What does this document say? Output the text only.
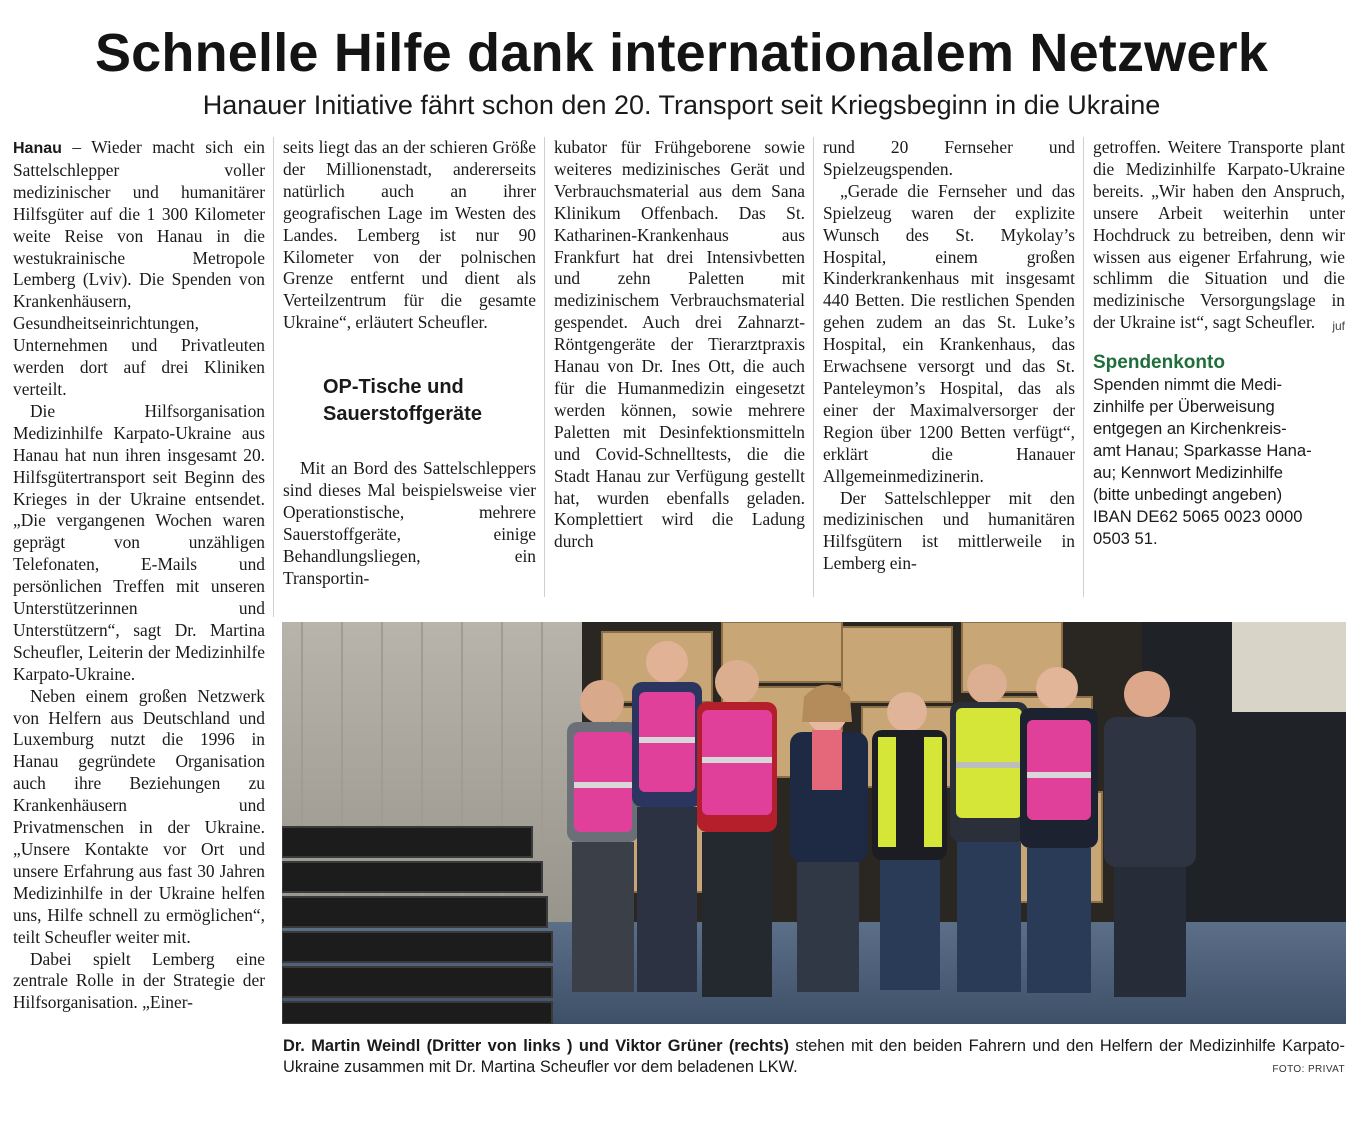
Schnelle Hilfe dank internationalem Netzwerk
Hanauer Initiative fährt schon den 20. Transport seit Kriegsbeginn in die Ukraine

Hanau – Wieder macht sich ein Sattelschlepper voller medizinischer und humanitärer Hilfsgüter auf die 1 300 Kilometer weite Reise von Hanau in die westukrainische Metropole Lemberg (Lviv). Die Spenden von Krankenhäusern, Gesundheitseinrichtungen, Unternehmen und Privatleuten werden dort auf drei Kliniken verteilt.

Die Hilfsorganisation Medizinhilfe Karpato-Ukraine aus Hanau hat nun ihren insgesamt 20. Hilfsgütertransport seit Beginn des Krieges in der Ukraine entsendet. „Die vergangenen Wochen waren geprägt von unzähligen Telefonaten, E-Mails und persönlichen Treffen mit unseren Unterstützerinnen und Unterstützern“, sagt Dr. Martina Scheufler, Leiterin der Medizinhilfe Karpato-Ukraine.

Neben einem großen Netzwerk von Helfern aus Deutschland und Luxemburg nutzt die 1996 in Hanau gegründete Organisation auch ihre Beziehungen zu Krankenhäusern und Privatmenschen in der Ukraine. „Unsere Kontakte vor Ort und unsere Erfahrung aus fast 30 Jahren Medizinhilfe in der Ukraine helfen uns, Hilfe schnell zu ermöglichen“, teilt Scheufler weiter mit.

Dabei spielt Lemberg eine zentrale Rolle in der Strategie der Hilfsorganisation. „Einer-

seits liegt das an der schieren Größe der Millionenstadt, andererseits natürlich auch an ihrer geografischen Lage im Westen des Landes. Lemberg ist nur 90 Kilometer von der polnischen Grenze entfernt und dient als Verteilzentrum für die gesamte Ukraine“, erläutert Scheufler.

OP-Tische und
Sauerstoffgeräte

Mit an Bord des Sattelschleppers sind dieses Mal beispielsweise vier Operationstische, mehrere Sauerstoffgeräte, einige Behandlungsliegen, ein Transportin-

kubator für Frühgeborene sowie weiteres medizinisches Gerät und Verbrauchsmaterial aus dem Sana Klinikum Offenbach. Das St. Katharinen-Krankenhaus aus Frankfurt hat drei Intensivbetten und zehn Paletten mit medizinischem Verbrauchsmaterial gespendet. Auch drei Zahnarzt-Röntgengeräte der Tierarztpraxis Hanau von Dr. Ines Ott, die auch für die Humanmedizin eingesetzt werden können, sowie mehrere Paletten mit Desinfektionsmitteln und Covid-Schnelltests, die die Stadt Hanau zur Verfügung gestellt hat, wurden ebenfalls geladen. Komplettiert wird die Ladung durch

rund 20 Fernseher und Spielzeugspenden.

„Gerade die Fernseher und das Spielzeug waren der explizite Wunsch des St. Mykolay’s Hospital, einem großen Kinderkrankenhaus mit insgesamt 440 Betten. Die restlichen Spenden gehen zudem an das St. Luke’s Hospital, ein Krankenhaus, das Erwachsene versorgt und das St. Panteleymon’s Hospital, das als einer der Maximalversorger der Region über 1200 Betten verfügt“, erklärt die Hanauer Allgemeinmedizinerin.

Der Sattelschlepper mit den medizinischen und humanitären Hilfsgütern ist mittlerweile in Lemberg ein-

getroffen. Weitere Transporte plant die Medizinhilfe Karpato-Ukraine bereits. „Wir haben den Anspruch, unsere Arbeit weiterhin unter Hochdruck zu betreiben, denn wir wissen aus eigener Erfahrung, wie schlimm die Situation und die medizinische Versorgungslage in der Ukraine ist“, sagt Scheufler. juf

Spendenkonto

Spenden nimmt die Medi-
zinhilfe per Überweisung
entgegen an Kirchenkreis-
amt Hanau; Sparkasse Hana-
au; Kennwort Medizinhilfe
(bitte unbedingt angeben)
IBAN DE62 5065 0023 0000
0503 51.
Dr. Martin Weindl (Dritter von links ) und Viktor Grüner (rechts) stehen mit den beiden Fahrern und den Helfern der Medizinhilfe Karpato-Ukraine zusammen mit Dr. Martina Scheufler vor dem beladenen LKW.	FOTO: PRIVAT
